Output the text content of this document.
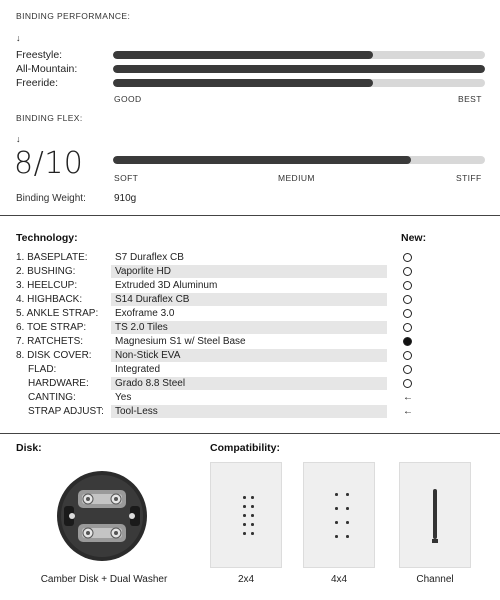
BINDING PERFORMANCE:
↓
Freestyle:
All-Mountain:
Freeride:
GOOD	BEST
BINDING FLEX:
↓
8/10	SOFT	MEDIUM	STIFF
Binding Weight:	910g
Technology:	New:
1. BASEPLATE:	S7 Duraflex CB
2. BUSHING:	Vaporlite HD
3. HEELCUP:	Extruded 3D Aluminum
4. HIGHBACK:	S14 Duraflex CB
5. ANKLE STRAP: Exoframe 3.0
6. TOE STRAP:	TS 2.0 Tiles
7. RATCHETS:	Magnesium S1 w/ Steel Base
8. DISK COVER: Non-Stick EVA
FLAD:	Integrated
HARDWARE:	Grado 8.8 Steel
CANTING:	Yes	←
STRAP ADJUST: Tool-Less	←
Disk:
Camber Disk + Dual Washer
Compatibility:
2x4	4x4	Channel
